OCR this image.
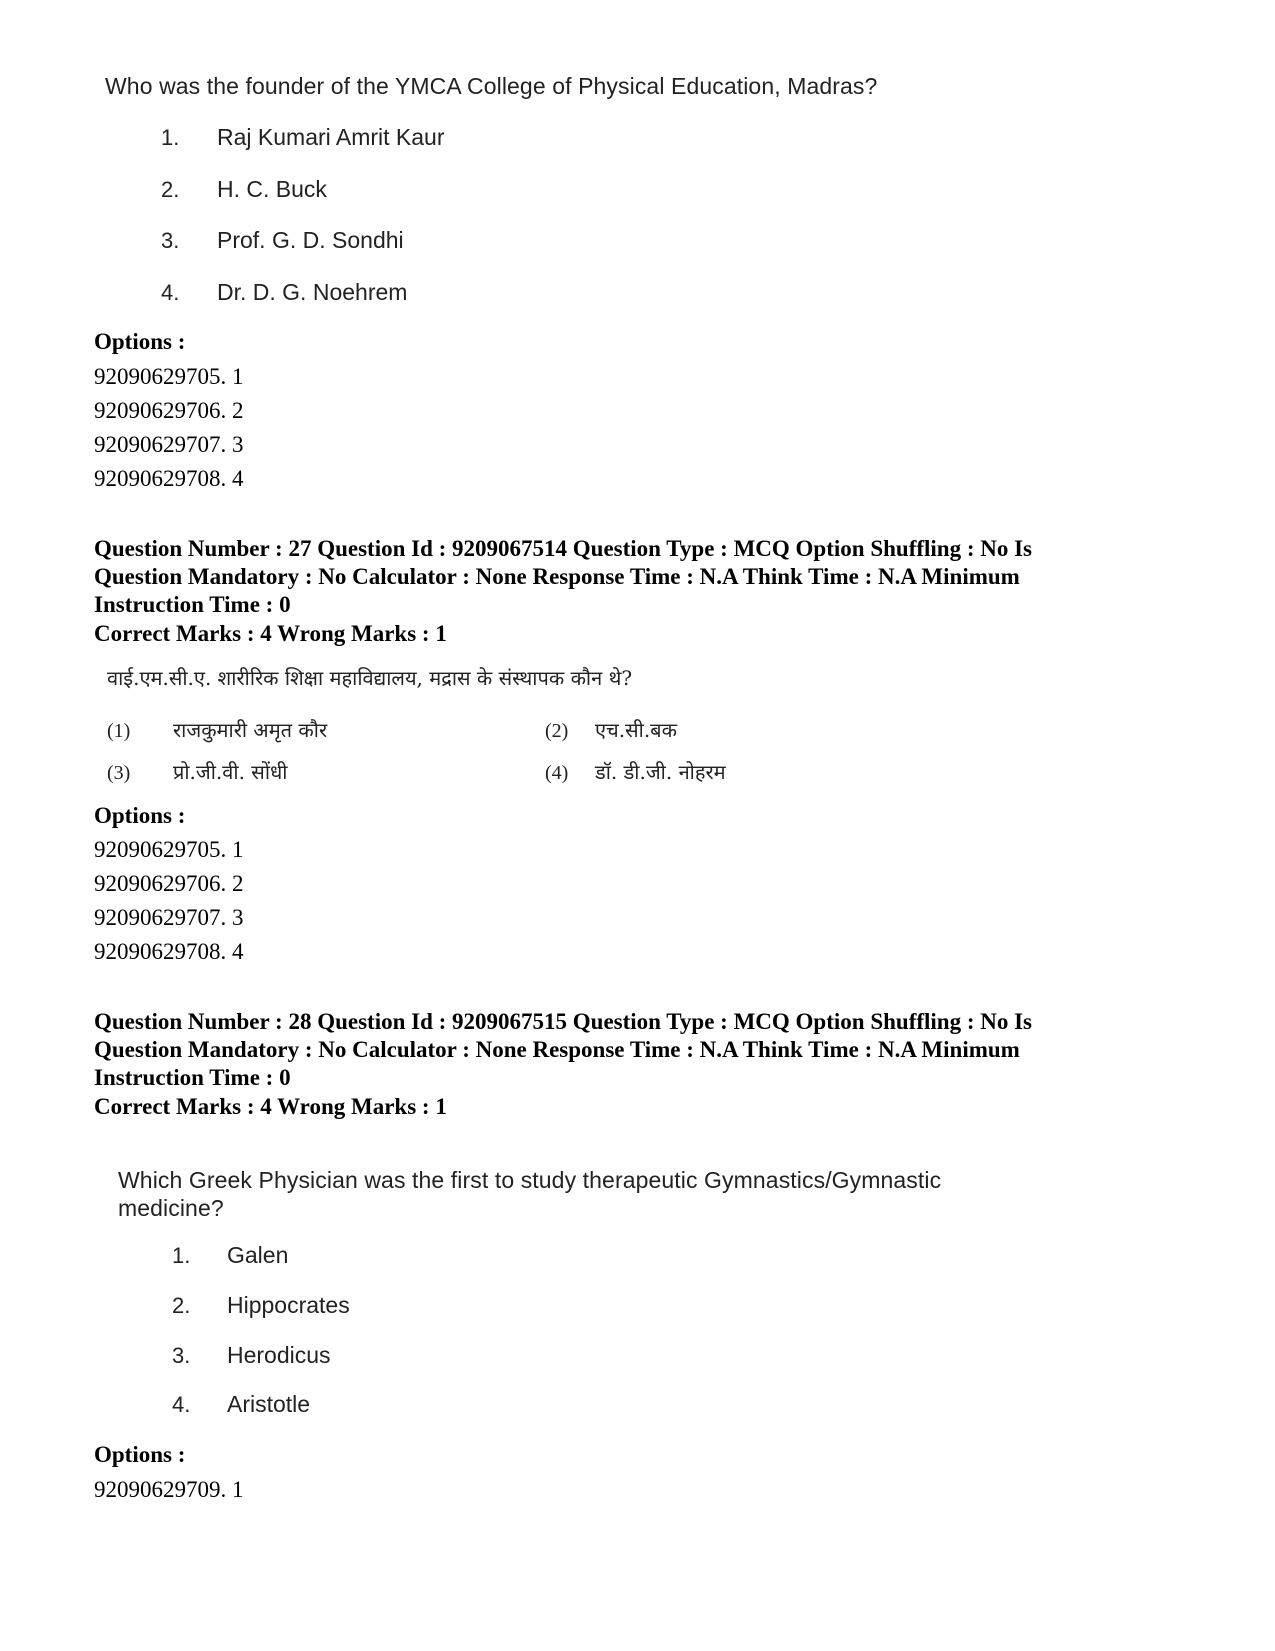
Who was the founder of the YMCA College of Physical Education, Madras?
1.	Raj Kumari Amrit Kaur
2.	H. C. Buck
3.	Prof. G. D. Sondhi
4.	Dr. D. G. Noehrem
Options :
92090629705. 1
92090629706. 2
92090629707. 3
92090629708. 4
Question Number : 27 Question Id : 9209067514 Question Type : MCQ Option Shuffling : No Is
Question Mandatory : No Calculator : None Response Time : N.A Think Time : N.A Minimum
Instruction Time : 0
Correct Marks : 4 Wrong Marks : 1
वाई.एम.सी.ए. शारीरिक शिक्षा महाविद्यालय, मद्रास के संस्थापक कौन थे?
(1)	राजकुमारी अमृत कौर	(2)	एच.सी.बक
(3)	प्रो.जी.वी. सोंधी	(4)	डॉ. डी.जी. नोहरम
Options :
92090629705. 1
92090629706. 2
92090629707. 3
92090629708. 4
Question Number : 28 Question Id : 9209067515 Question Type : MCQ Option Shuffling : No Is
Question Mandatory : No Calculator : None Response Time : N.A Think Time : N.A Minimum
Instruction Time : 0
Correct Marks : 4 Wrong Marks : 1
Which Greek Physician was the first to study therapeutic Gymnastics/Gymnastic
medicine?
1.	Galen
2.	Hippocrates
3.	Herodicus
4.	Aristotle
Options :
92090629709. 1
